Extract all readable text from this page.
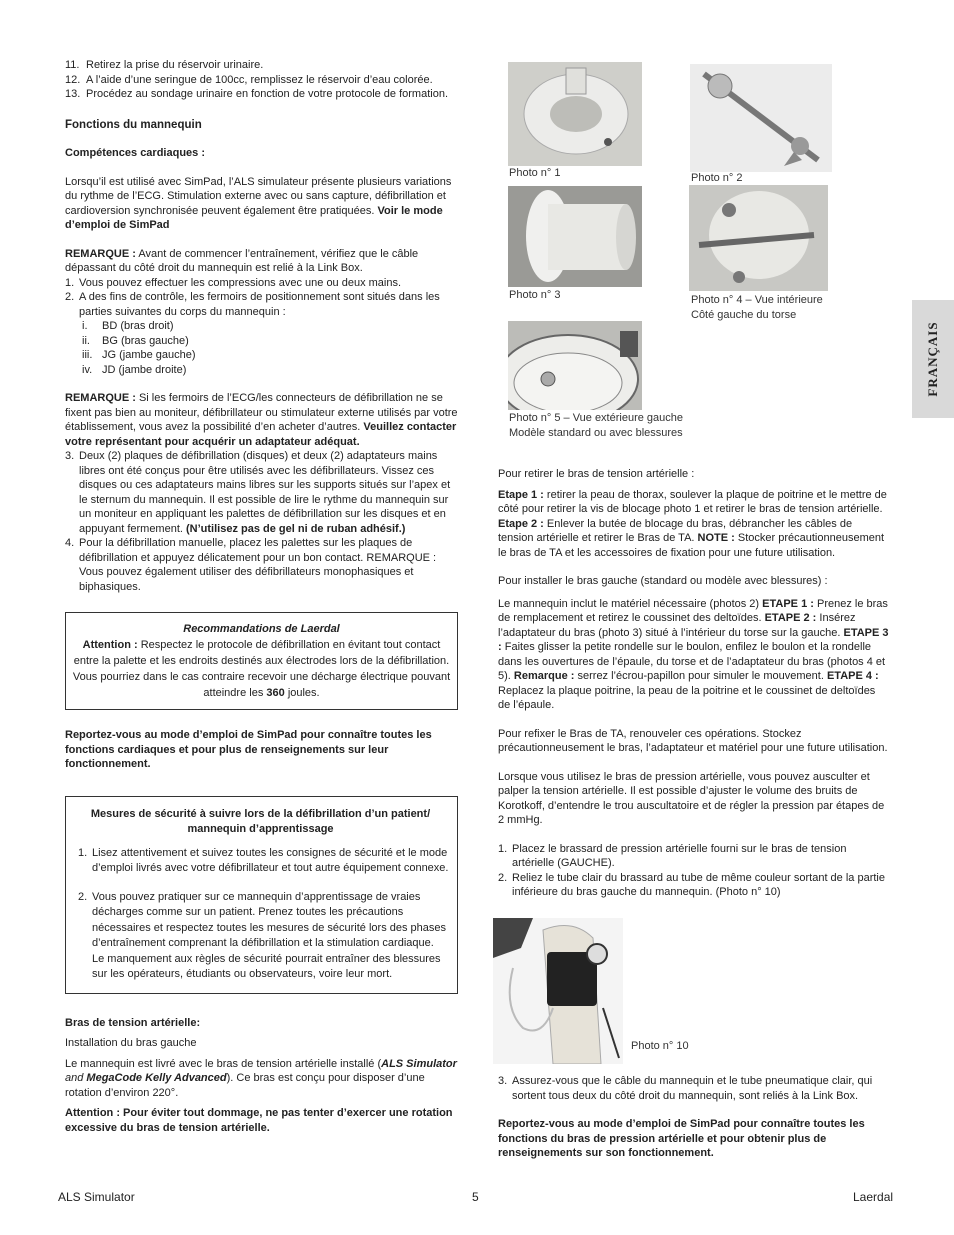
11. Retirez la prise du réservoir urinaire.
12. A l’aide d’une seringue de 100cc, remplissez le réservoir d’eau colorée.
13. Procédez au sondage urinaire en fonction de votre protocole de formation.

Fonctions du mannequin

Compétences cardiaques :

Lorsqu’il est utilisé avec SimPad, l’ALS simulateur présente plusieurs variations du rythme de l’ECG. Stimulation externe avec ou sans capture, défibrillation et cardioversion synchronisée peuvent également être pratiquées. Voir le mode d’emploi de SimPad

REMARQUE : Avant de commencer l’entraînement, vérifiez que le câble dépassant du côté droit du mannequin est relié à la Link Box.

1. Vous pouvez effectuer les compressions avec une ou deux mains.
2. A des fins de contrôle, les fermoirs de positionnement sont situés dans les parties suivantes du corps du mannequin :
i. BD (bras droit)
ii. BG (bras gauche)
iii. JG (jambe gauche)
iv. JD (jambe droite)

REMARQUE : Si les fermoirs de l’ECG/les connecteurs de défibrillation ne se fixent pas bien au moniteur, défibrillateur ou stimulateur externe utilisés par votre établissement, vous avez la possibilité d’en acheter d’autres. Veuillez contacter votre représentant pour acquérir un adaptateur adéquat.

3. Deux (2) plaques de défibrillation (disques) et deux (2) adaptateurs mains libres ont été conçus pour être utilisés avec les défibrillateurs. Vissez ces disques ou ces adaptateurs mains libres sur les supports situés sur l’apex et le sternum du mannequin. Il est possible de lire le rythme du mannequin sur un moniteur en appliquant les palettes de défibrillation sur les disques et en appuyant fermement. (N’utilisez pas de gel ni de ruban adhésif.)
4. Pour la défibrillation manuelle, placez les palettes sur les plaques de défibrillation et appuyez délicatement pour un bon contact. REMARQUE : Vous pouvez également utiliser des défibrillateurs monophasiques et biphasiques.

Recommandations de Laerdal

Attention : Respectez le protocole de défibrillation en évitant tout contact entre la palette et les endroits destinés aux électrodes lors de la défibrillation. Vous pourriez dans le cas contraire recevoir une décharge électrique pouvant atteindre les 360 joules.

Reportez-vous au mode d’emploi de SimPad pour connaître toutes les fonctions cardiaques et pour plus de renseignements sur leur fonctionnement.

Mesures de sécurité à suivre lors de la défibrillation d’un patient/ mannequin d’apprentissage

1. Lisez attentivement et suivez toutes les consignes de sécurité et le mode d’emploi livrés avec votre défibrillateur et tout autre équipement connexe.
2. Vous pouvez pratiquer sur ce mannequin d’apprentissage de vraies décharges comme sur un patient. Prenez toutes les précautions nécessaires et respectez toutes les mesures de sécurité lors des phases d’entraînement comprenant la défibrillation et la stimulation cardiaque. Le manquement aux règles de sécurité pourrait entraîner des blessures sur les opérateurs, étudiants ou observateurs, voire leur mort.

Bras de tension artérielle:

Installation du bras gauche

Le mannequin est livré avec le bras de tension artérielle installé (ALS Simulator and MegaCode Kelly Advanced). Ce bras est conçu pour disposer d’une rotation d’environ 220°.

Attention : Pour éviter tout dommage, ne pas tenter d’exercer une rotation excessive du bras de tension artérielle.

Photo n° 1	Photo n° 2
Photo n° 3	Photo n° 4 – Vue intérieure
Côté gauche du torse
Photo n° 5 – Vue extérieure gauche
Modèle standard ou avec blessures

Pour retirer le bras de tension artérielle :

Etape 1 : retirer la peau de thorax, soulever la plaque de poitrine et le mettre de côté pour retirer la vis de blocage photo 1 et retirer le bras de tension artérielle. Etape 2 : Enlever la butée de blocage du bras, débrancher les câbles de tension artérielle et retirer le Bras de TA. NOTE : Stocker précautionneusement le bras de TA et les accessoires de fixation pour une future utilisation.

Pour installer le bras gauche (standard ou modèle avec blessures) :

Le mannequin inclut le matériel nécessaire (photos 2) ETAPE 1 : Prenez le bras de remplacement et retirez le coussinet des deltoïdes. ETAPE 2 : Insérez l’adaptateur du bras (photo 3) situé à l’intérieur du torse sur la gauche. ETAPE 3 : Faites glisser la petite rondelle sur le boulon, enfilez le boulon et la rondelle dans les ouvertures de l’épaule, du torse et de l’adaptateur du bras (photos 4 et 5). Remarque : serrez l’écrou-papillon pour simuler le mouvement. ETAPE 4 : Replacez la plaque poitrine, la peau de la poitrine et le coussinet de deltoïdes de l’épaule.

Pour refixer le Bras de TA, renouveler ces opérations. Stockez précautionneusement le bras, l’adaptateur et matériel pour une future utilisation.

Lorsque vous utilisez le bras de pression artérielle, vous pouvez ausculter et palper la tension artérielle. Il est possible d’ajuster le volume des bruits de Korotkoff, d’entendre le trou auscultatoire et de régler la pression par étapes de 2 mmHg.

1. Placez le brassard de pression artérielle fourni sur le bras de tension artérielle (GAUCHE).
2. Reliez le tube clair du brassard au tube de même couleur sortant de la partie inférieure du bras gauche du mannequin. (Photo n° 10)
Photo n° 10
3. Assurez-vous que le câble du mannequin et le tube pneumatique clair, qui sortent tous deux du côté droit du mannequin, sont reliés à la Link Box.

Reportez-vous au mode d’emploi de SimPad pour connaître toutes les fonctions du bras de pression artérielle et pour obtenir plus de renseignements sur son fonctionnement.

FRANÇAIS
ALS Simulator	5	Laerdal
